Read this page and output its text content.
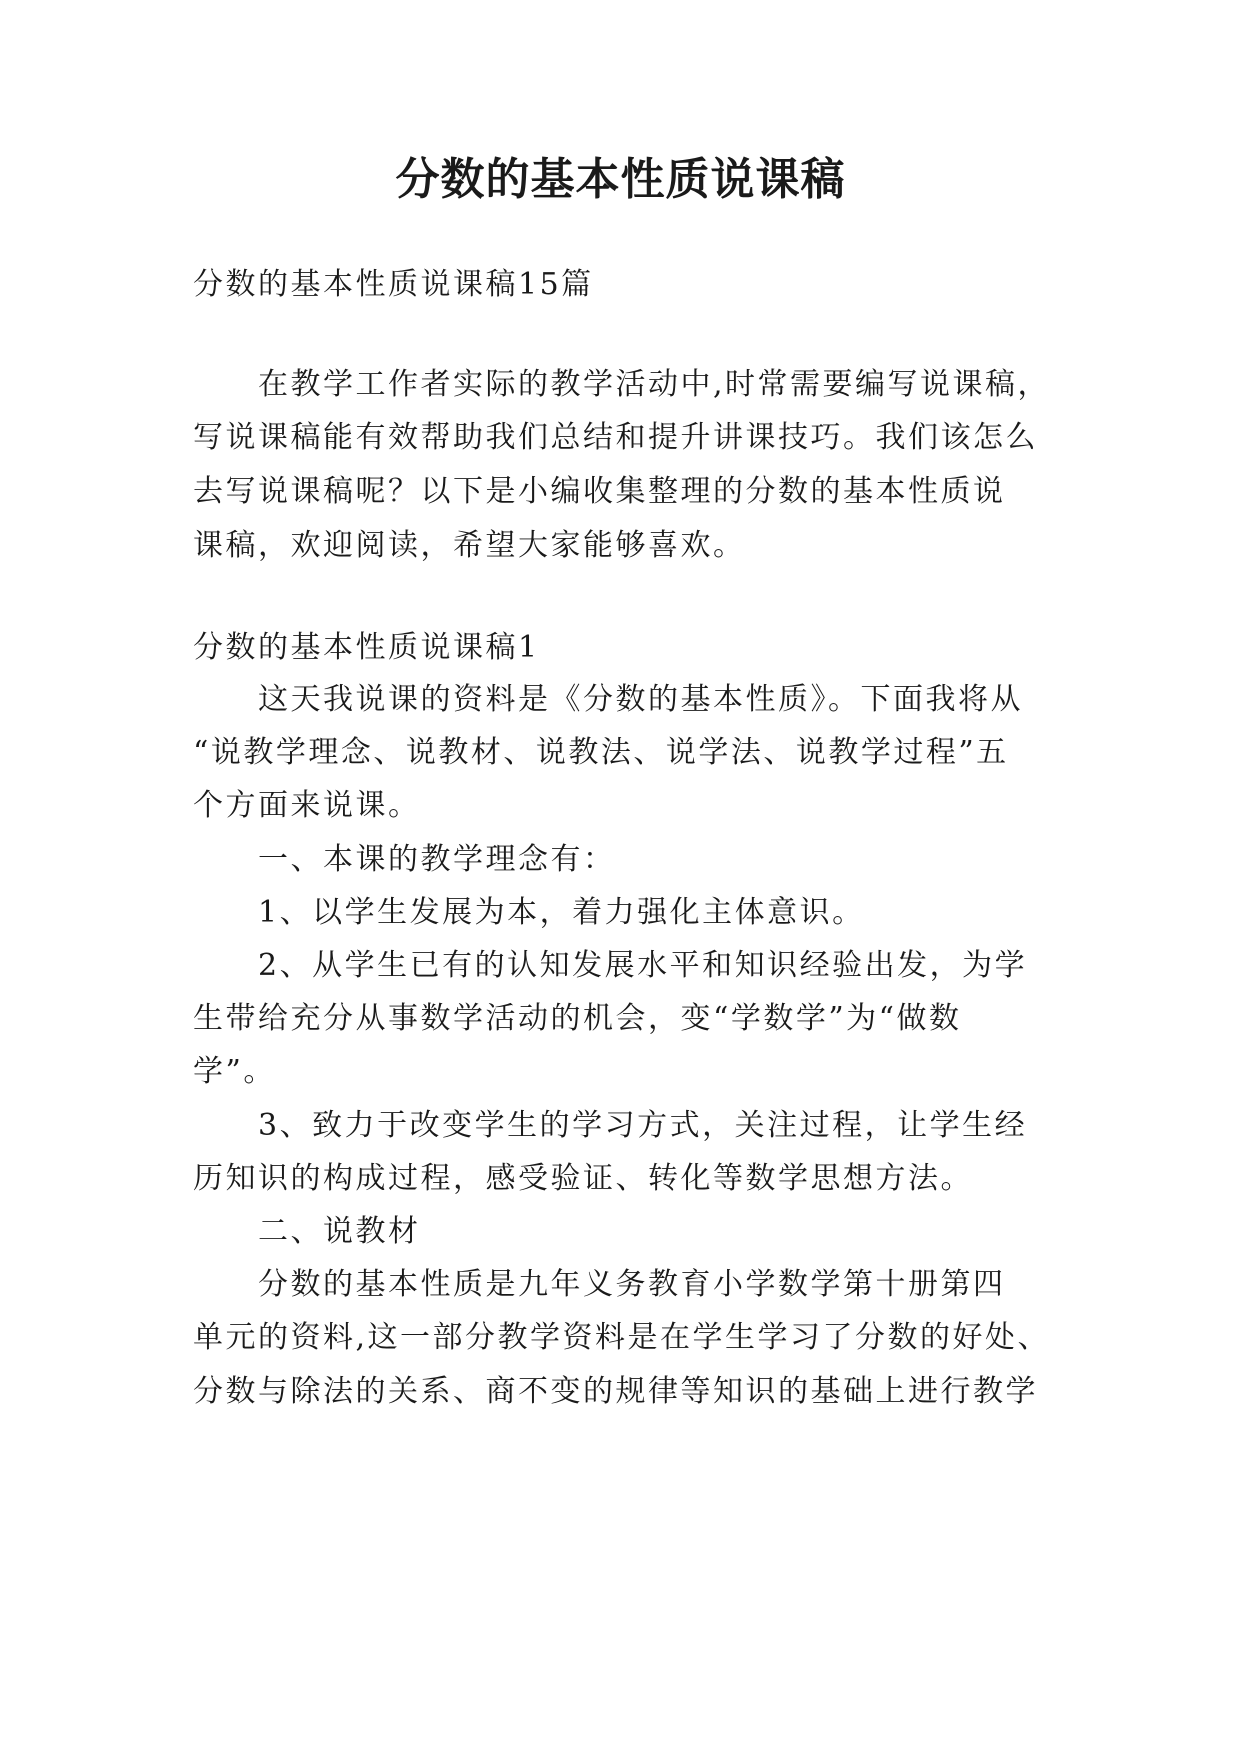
分数的基本性质说课稿

分数的基本性质说课稿15篇

在教学工作者实际的教学活动中,时常需要编写说课稿，

写说课稿能有效帮助我们总结和提升讲课技巧。我们该怎么

去写说课稿呢？以下是小编收集整理的分数的基本性质说

课稿，欢迎阅读，希望大家能够喜欢。

分数的基本性质说课稿1

这天我说课的资料是《分数的基本性质》。下面我将从

“说教学理念、说教材、说教法、说学法、说教学过程”五

个方面来说课。

一、本课的教学理念有：

1、以学生发展为本，着力强化主体意识。

2、从学生已有的认知发展水平和知识经验出发，为学

生带给充分从事数学活动的机会，变“学数学”为“做数

学”。

3、致力于改变学生的学习方式，关注过程，让学生经

历知识的构成过程，感受验证、转化等数学思想方法。

二、说教材

分数的基本性质是九年义务教育小学数学第十册第四

单元的资料,这一部分教学资料是在学生学习了分数的好处、

分数与除法的关系、商不变的规律等知识的基础上进行教学
